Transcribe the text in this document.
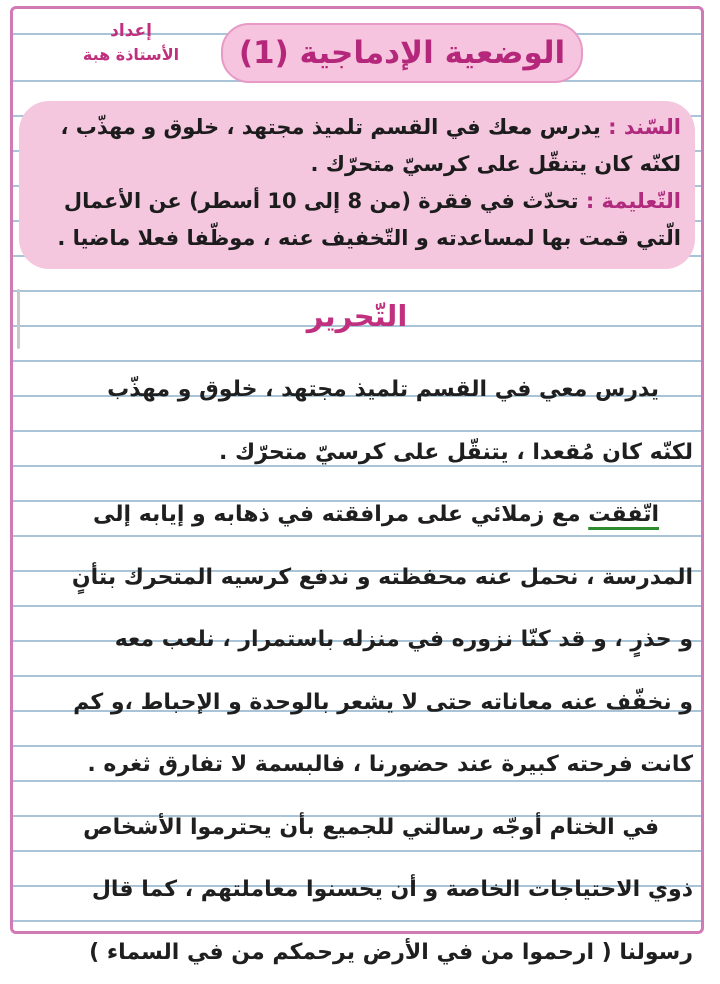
إعداد
الأستاذة هبة	الوضعية الإدماجية (1)
السّند : يدرس معك في القسم تلميذ مجتهد ، خلوق و مهذّب ،
لكنّه كان يتنقّل على كرسيّ متحرّك .
التّعليمة : تحدّث في فقرة (من 8 إلى 10 أسطر) عن الأعمال
الّتي قمت بها لمساعدته و التّخفيف عنه ، موظّفا فعلا ماضيا .
التّحرير
يدرس معي في القسم تلميذ مجتهد ، خلوق و مهذّب
لكنّه كان مُقعدا ، يتنقّل على كرسيّ متحرّك .
اتّفقت مع زملائي على مرافقته في ذهابه و إيابه إلى
المدرسة ، نحمل عنه محفظته و ندفع كرسيه المتحرك بتأنٍ
و حذرٍ ، و قد كنّا نزوره في منزله باستمرار ، نلعب معه
و نخفّف عنه معاناته حتى لا يشعر بالوحدة و الإحباط ،و كم
كانت فرحته كبيرة عند حضورنا ، فالبسمة لا تفارق ثغره .
في الختام أوجّه رسالتي للجميع بأن يحترموا الأشخاص
ذوي الاحتياجات الخاصة و أن يحسنوا معاملتهم ، كما قال
رسولنا ( ارحموا من في الأرض يرحمكم من في السماء )
